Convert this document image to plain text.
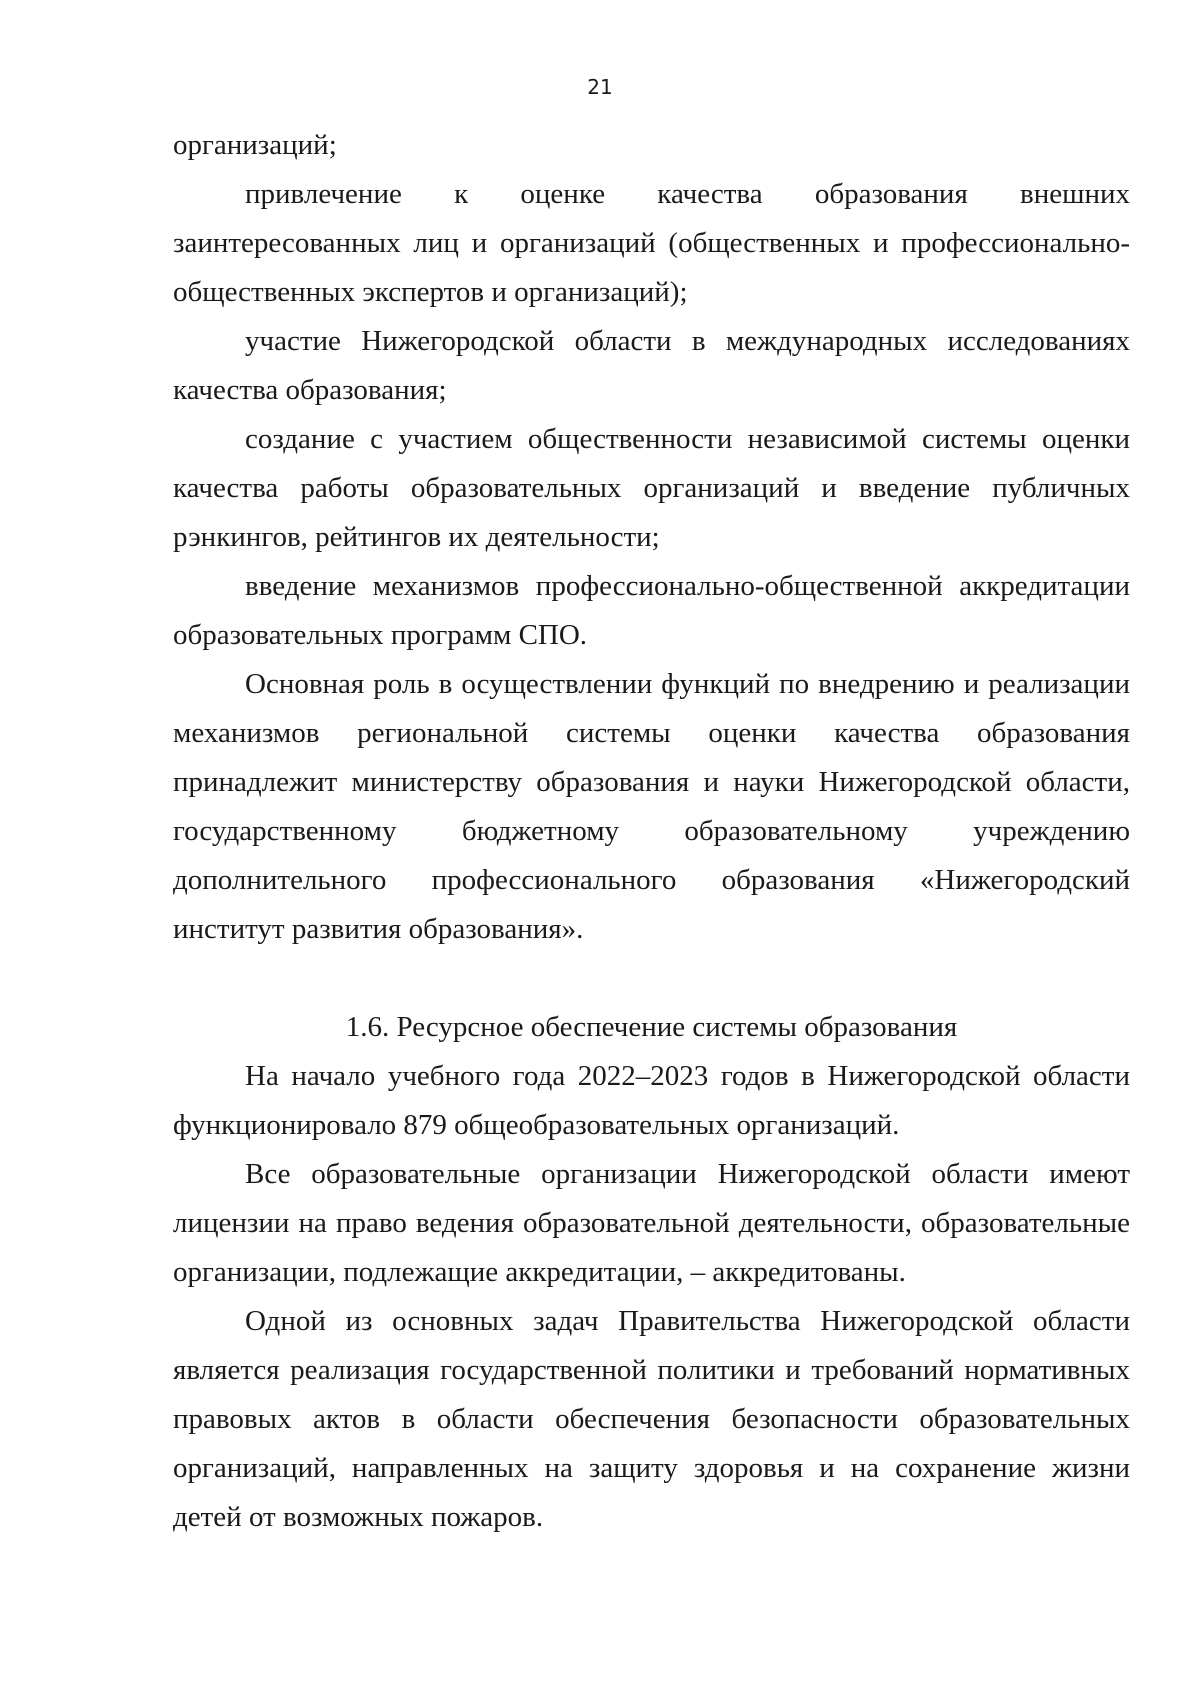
21

организаций;

привлечение к оценке качества образования внешних заинтересованных лиц и организаций (общественных и профессионально-общественных экспертов и организаций);

участие Нижегородской области в международных исследованиях качества образования;

создание с участием общественности независимой системы оценки качества работы образовательных организаций и введение публичных рэнкингов, рейтингов их деятельности;

введение механизмов профессионально-общественной аккредитации образовательных программ СПО.

Основная роль в осуществлении функций по внедрению и реализации механизмов региональной системы оценки качества образования принадлежит министерству образования и науки Нижегородской области, государственному бюджетному образовательному учреждению дополнительного профессионального образования «Нижегородский институт развития образования».

1.6. Ресурсное обеспечение системы образования

На начало учебного года 2022–2023 годов в Нижегородской области функционировало 879 общеобразовательных организаций.

Все образовательные организации Нижегородской области имеют лицензии на право ведения образовательной деятельности, образовательные организации, подлежащие аккредитации, – аккредитованы.

Одной из основных задач Правительства Нижегородской области является реализация государственной политики и требований нормативных правовых актов в области обеспечения безопасности образовательных организаций, направленных на защиту здоровья и на сохранение жизни детей от возможных пожаров.
